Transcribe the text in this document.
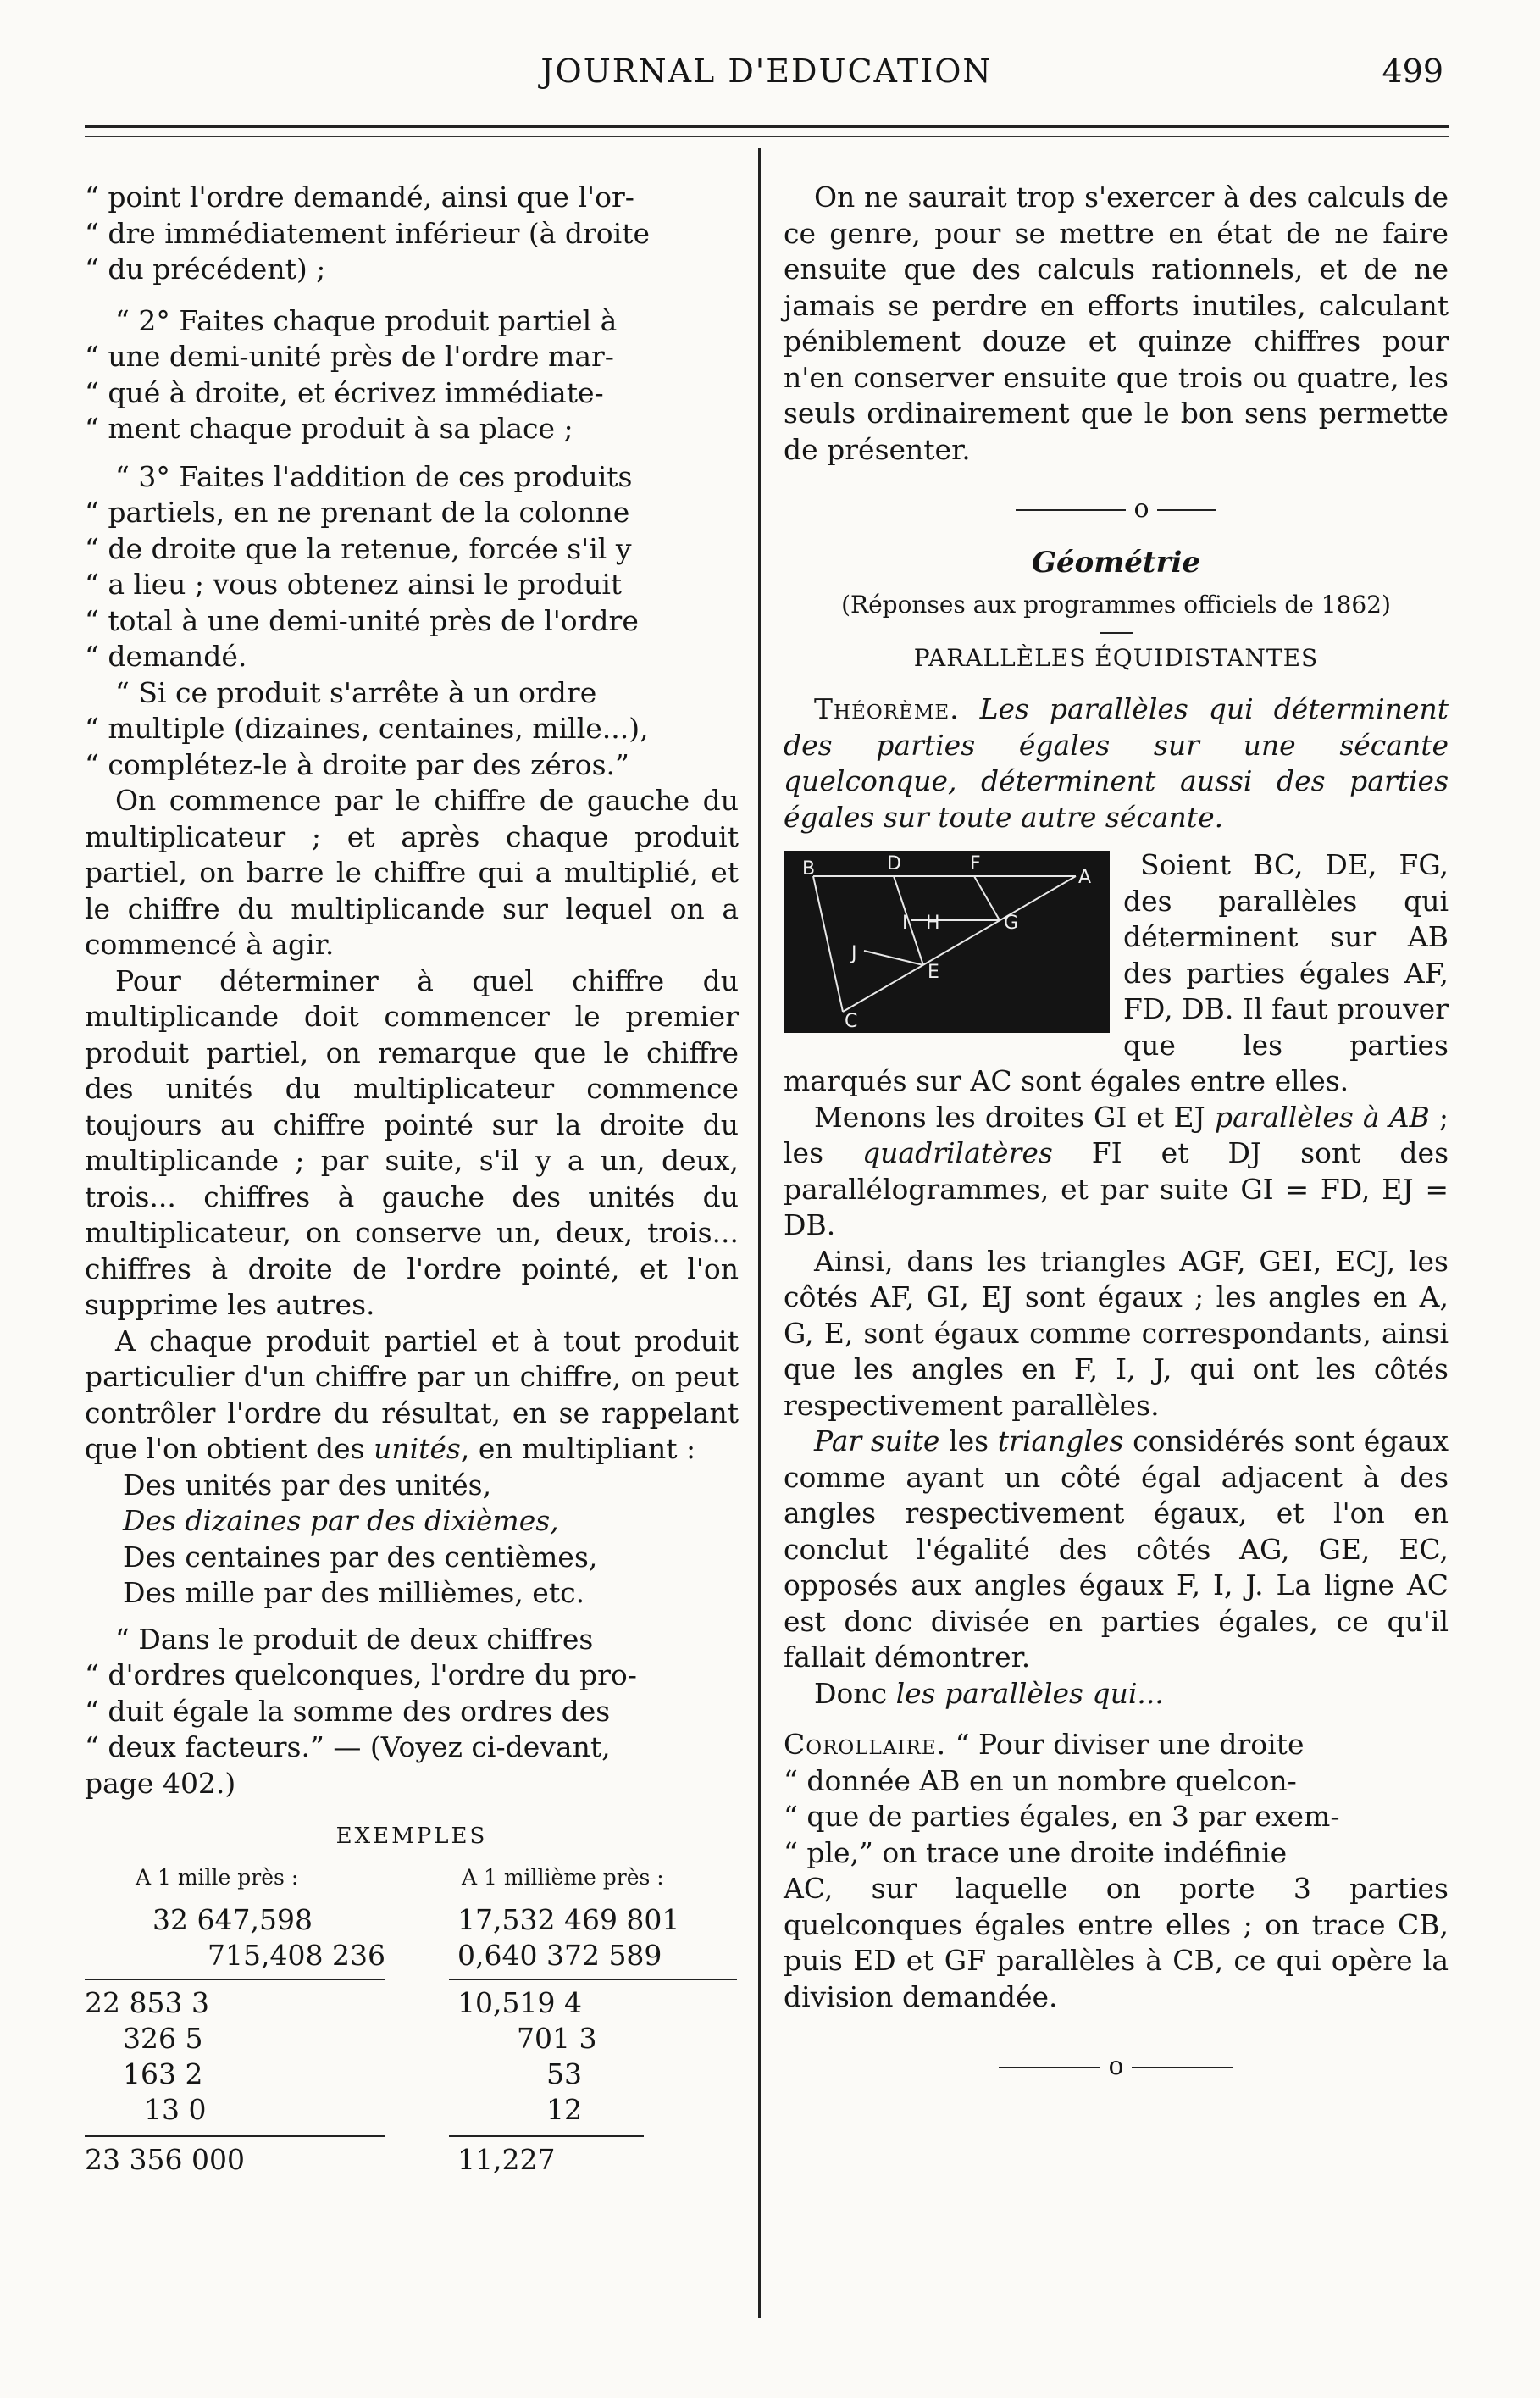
JOURNAL D'EDUCATION	499

“ point l'ordre demandé, ainsi que l'or-

“ dre immédiatement inférieur (à droite

“ du précédent) ;

“ 2° Faites chaque produit partiel à

“ une demi-unité près de l'ordre mar-

“ qué à droite, et écrivez immédiate-

“ ment chaque produit à sa place ;

“ 3° Faites l'addition de ces produits

“ partiels, en ne prenant de la colonne

“ de droite que la retenue, forcée s'il y

“ a lieu ; vous obtenez ainsi le produit

“ total à une demi-unité près de l'ordre

“ demandé.

“ Si ce produit s'arrête à un ordre

“ multiple (dizaines, centaines, mille...),

“ complétez-le à droite par des zéros.”

On commence par le chiffre de gauche du multiplicateur ; et après chaque produit partiel, on barre le chiffre qui a multiplié, et le chiffre du multiplicande sur lequel on a commencé à agir.

Pour déterminer à quel chiffre du multiplicande doit commencer le premier produit partiel, on remarque que le chiffre des unités du multiplicateur commence toujours au chiffre pointé sur la droite du multiplicande ; par suite, s'il y a un, deux, trois... chiffres à gauche des unités du multiplicateur, on conserve un, deux, trois... chiffres à droite de l'ordre pointé, et l'on supprime les autres.

A chaque produit partiel et à tout produit particulier d'un chiffre par un chiffre, on peut contrôler l'ordre du résultat, en se rappelant que l'on obtient des unités, en multipliant :

Des unités par des unités,

Des dizaines par des dixièmes,

Des centaines par des centièmes,

Des mille par des millièmes, etc.

“ Dans le produit de deux chiffres

“ d'ordres quelconques, l'ordre du pro-

“ duit égale la somme des ordres des

“ deux facteurs.” — (Voyez ci-devant,

page 402.)

EXEMPLES
A 1 mille près :	A 1 millième près :
32 647,598
715,408 236
22 853 3
326 5
163 2
13 0
23 356 000
17,532 469 801
0,640 372 589
10,519 4
701 3
53
12
11,227

On ne saurait trop s'exercer à des calculs de ce genre, pour se mettre en état de ne faire ensuite que des calculs rationnels, et de ne jamais se perdre en efforts inutiles, calculant péniblement douze et quinze chiffres pour n'en conserver ensuite que trois ou quatre, les seuls ordinairement que le bon sens permette de présenter.

o
Géométrie
(Réponses aux programmes officiels de 1862)
PARALLÈLES ÉQUIDISTANTES

Théorème. Les parallèles qui déterminent des parties égales sur une sécante quelconque, déterminent aussi des parties égales sur toute autre sécante.

B	D	F
A
I H	G
J
E
C

Soient BC, DE, FG, des parallèles qui déterminent sur AB des parties égales AF, FD, DB. Il faut prouver que les parties marqués sur AC sont égales entre elles.

Menons les droites GI et EJ parallèles à AB ; les quadrilatères FI et DJ sont des parallélogrammes, et par suite GI = FD, EJ = DB.

Ainsi, dans les triangles AGF, GEI, ECJ, les côtés AF, GI, EJ sont égaux ; les angles en A, G, E, sont égaux comme correspondants, ainsi que les angles en F, I, J, qui ont les côtés respectivement parallèles.

Par suite les triangles considérés sont égaux comme ayant un côté égal adjacent à des angles respectivement égaux, et l'on en conclut l'égalité des côtés AG, GE, EC, opposés aux angles égaux F, I, J. La ligne AC est donc divisée en parties égales, ce qu'il fallait démontrer.

Donc les parallèles qui...

Corollaire. “ Pour diviser une droite

“ donnée AB en un nombre quelcon-

“ que de parties égales, en 3 par exem-

“ ple,” on trace une droite indéfinie

AC, sur laquelle on porte 3 parties quelconques égales entre elles ; on trace CB, puis ED et GF parallèles à CB, ce qui opère la division demandée.

o
